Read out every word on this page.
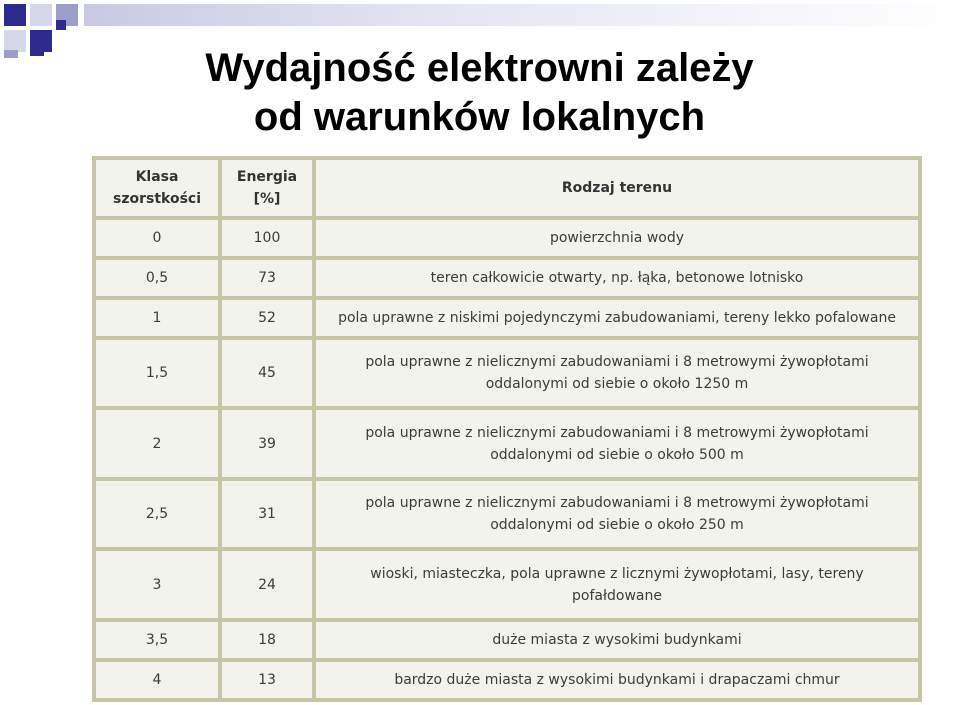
Wydajność elektrowni zależy
od warunków lokalnych
Klasa szorstkości	Energia [%]	Rodzaj terenu
0	100	powierzchnia wody
0,5	73	teren całkowicie otwarty, np. łąka, betonowe lotnisko
1	52	pola uprawne z niskimi pojedynczymi zabudowaniami, tereny lekko pofalowane
1,5	45	pola uprawne z nielicznymi zabudowaniami i 8 metrowymi żywopłotami oddalonymi od siebie o około 1250 m
2	39	pola uprawne z nielicznymi zabudowaniami i 8 metrowymi żywopłotami oddalonymi od siebie o około 500 m
2,5	31	pola uprawne z nielicznymi zabudowaniami i 8 metrowymi żywopłotami oddalonymi od siebie o około 250 m
3	24	wioski, miasteczka, pola uprawne z licznymi żywopłotami, lasy, tereny pofałdowane
3,5	18	duże miasta z wysokimi budynkami
4	13	bardzo duże miasta z wysokimi budynkami i drapaczami chmur
